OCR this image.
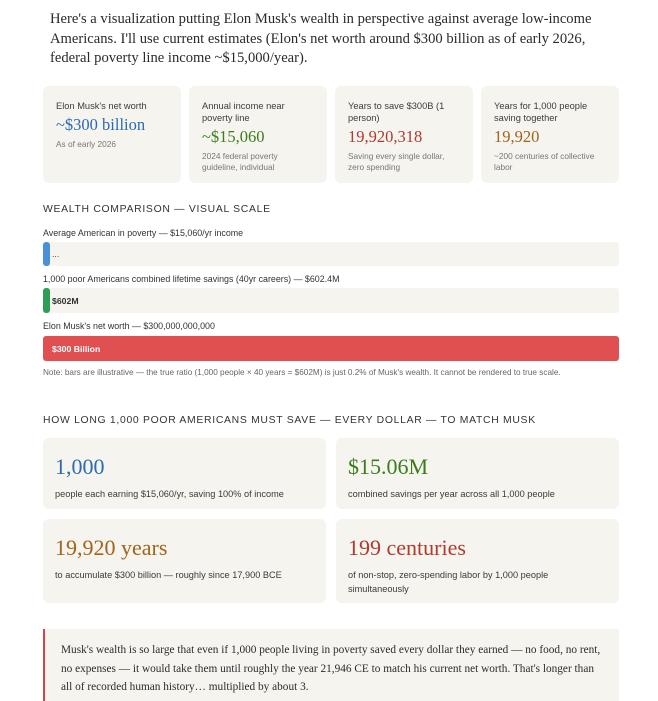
Here's a visualization putting Elon Musk's wealth in perspective against average low-income Americans. I'll use current estimates (Elon's net worth around $300 billion as of early 2026, federal poverty line income ~$15,000/year).
Elon Musk's net worth
~$300 billion
As of early 2026
Annual income near poverty line
~$15,060
2024 federal poverty guideline, individual
Years to save $300B (1 person)
19,920,318
Saving every single dollar, zero spending
Years for 1,000 people saving together
19,920
~200 centuries of collective labor
WEALTH COMPARISON — VISUAL SCALE
Average American in poverty — $15,060/yr income
...
1,000 poor Americans combined lifetime savings (40yr careers) — $602.4M
$602M
Elon Musk's net worth — $300,000,000,000
$300 Billion
Note: bars are illustrative — the true ratio (1,000 people × 40 years = $602M) is just 0.2% of Musk's wealth. It cannot be rendered to true scale.
HOW LONG 1,000 POOR AMERICANS MUST SAVE — EVERY DOLLAR — TO MATCH MUSK
1,000
people each earning $15,060/yr, saving 100% of income
$15.06M
combined savings per year across all 1,000 people
19,920 years
to accumulate $300 billion — roughly since 17,900 BCE
199 centuries
of non-stop, zero-spending labor by 1,000 people simultaneously
Musk's wealth is so large that even if 1,000 people living in poverty saved every dollar they earned — no food, no rent, no expenses — it would take them until roughly the year 21,946 CE to match his current net worth. That's longer than all of recorded human history… multiplied by about 3.
